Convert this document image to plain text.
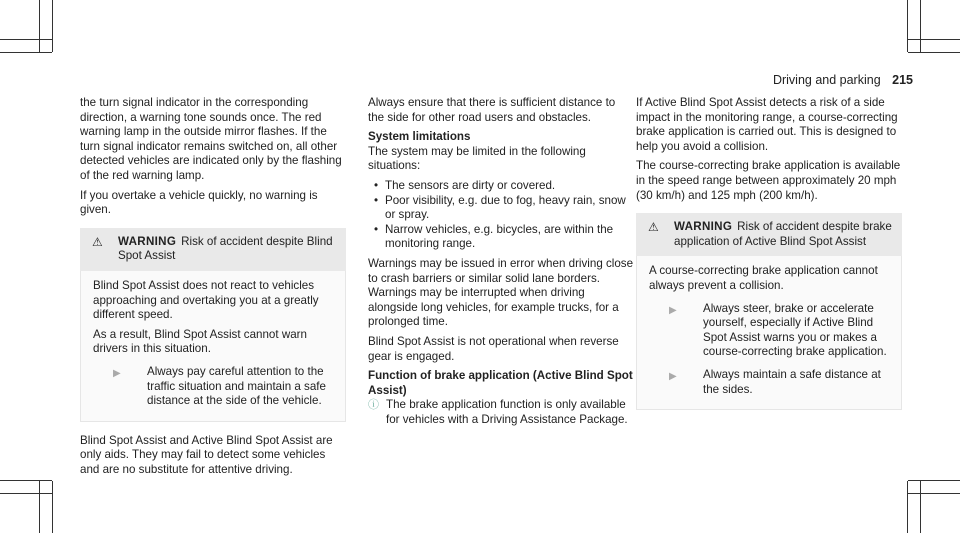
Driving and parking 215

the turn signal indicator in the corresponding direction, a warning tone sounds once. The red warning lamp in the outside mirror flashes. If the turn signal indicator remains switched on, all other detected vehicles are indicated only by the flashing of the red warning lamp.

If you overtake a vehicle quickly, no warning is given.

⚠	WARNING Risk of accident despite Blind Spot Assist

Blind Spot Assist does not react to vehicles approaching and overtaking you at a greatly different speed.

As a result, Blind Spot Assist cannot warn drivers in this situation.

▶	Always pay careful attention to the traffic situation and maintain a safe distance at the side of the vehicle.

Blind Spot Assist and Active Blind Spot Assist are only aids. They may fail to detect some vehicles and are no substitute for attentive driving.

Always ensure that there is sufficient distance to the side for other road users and obstacles.

System limitations

The system may be limited in the following situations:

• The sensors are dirty or covered.
• Poor visibility, e.g. due to fog, heavy rain, snow or spray.
• Narrow vehicles, e.g. bicycles, are within the monitoring range.

Warnings may be issued in error when driving close to crash barriers or similar solid lane borders. Warnings may be interrupted when driving alongside long vehicles, for example trucks, for a prolonged time.

Blind Spot Assist is not operational when reverse gear is engaged.

Function of brake application (Active Blind Spot Assist)
ⓘ The brake application function is only available for vehicles with a Driving Assistance Package.

If Active Blind Spot Assist detects a risk of a side impact in the monitoring range, a course-correcting brake application is carried out. This is designed to help you avoid a collision.

The course-correcting brake application is available in the speed range between approximately 20 mph (30 km/h) and 125 mph (200 km/h).

⚠	WARNING Risk of accident despite brake application of Active Blind Spot Assist

A course-correcting brake application cannot always prevent a collision.

▶	Always steer, brake or accelerate yourself, especially if Active Blind Spot Assist warns you or makes a course-correcting brake application.
▶	Always maintain a safe distance at the sides.
